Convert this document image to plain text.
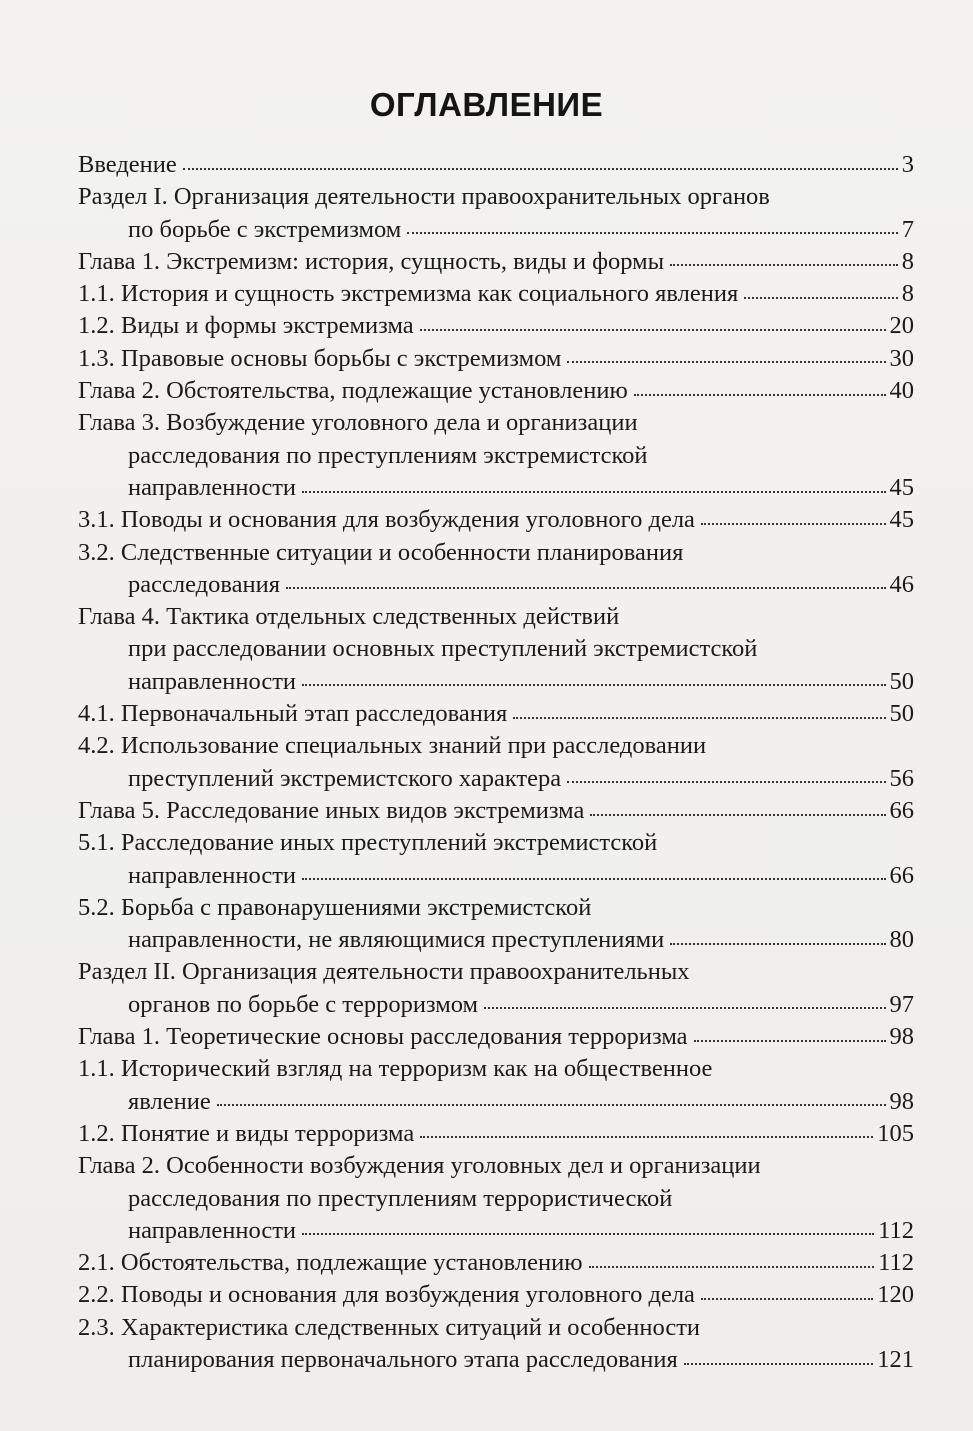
ОГЛАВЛЕНИЕ
Введение	3
Раздел I. Организация деятельности правоохранительных органов
по борьбе с экстремизмом	7
Глава 1. Экстремизм: история, сущность, виды и формы	8
1.1. История и сущность экстремизма как социального явления	8
1.2. Виды и формы экстремизма	20
1.3. Правовые основы борьбы с экстремизмом	30
Глава 2. Обстоятельства, подлежащие установлению	40
Глава 3. Возбуждение уголовного дела и организации
расследования по преступлениям экстремистской
направленности	45
3.1. Поводы и основания для возбуждения уголовного дела	45
3.2. Следственные ситуации и особенности планирования
расследования	46
Глава 4. Тактика отдельных следственных действий
при расследовании основных преступлений экстремистской
направленности	50
4.1. Первоначальный этап расследования	50
4.2. Использование специальных знаний при расследовании
преступлений экстремистского характера	56
Глава 5. Расследование иных видов экстремизма	66
5.1. Расследование иных преступлений экстремистской
направленности	66
5.2. Борьба с правонарушениями экстремистской
направленности, не являющимися преступлениями	80
Раздел II. Организация деятельности правоохранительных
органов по борьбе с терроризмом	97
Глава 1. Теоретические основы расследования терроризма	98
1.1. Исторический взгляд на терроризм как на общественное
явление	98
1.2. Понятие и виды терроризма	105
Глава 2. Особенности возбуждения уголовных дел и организации
расследования по преступлениям террористической
направленности	112
2.1. Обстоятельства, подлежащие установлению	112
2.2. Поводы и основания для возбуждения уголовного дела	120
2.3. Характеристика следственных ситуаций и особенности
планирования первоначального этапа расследования	121
